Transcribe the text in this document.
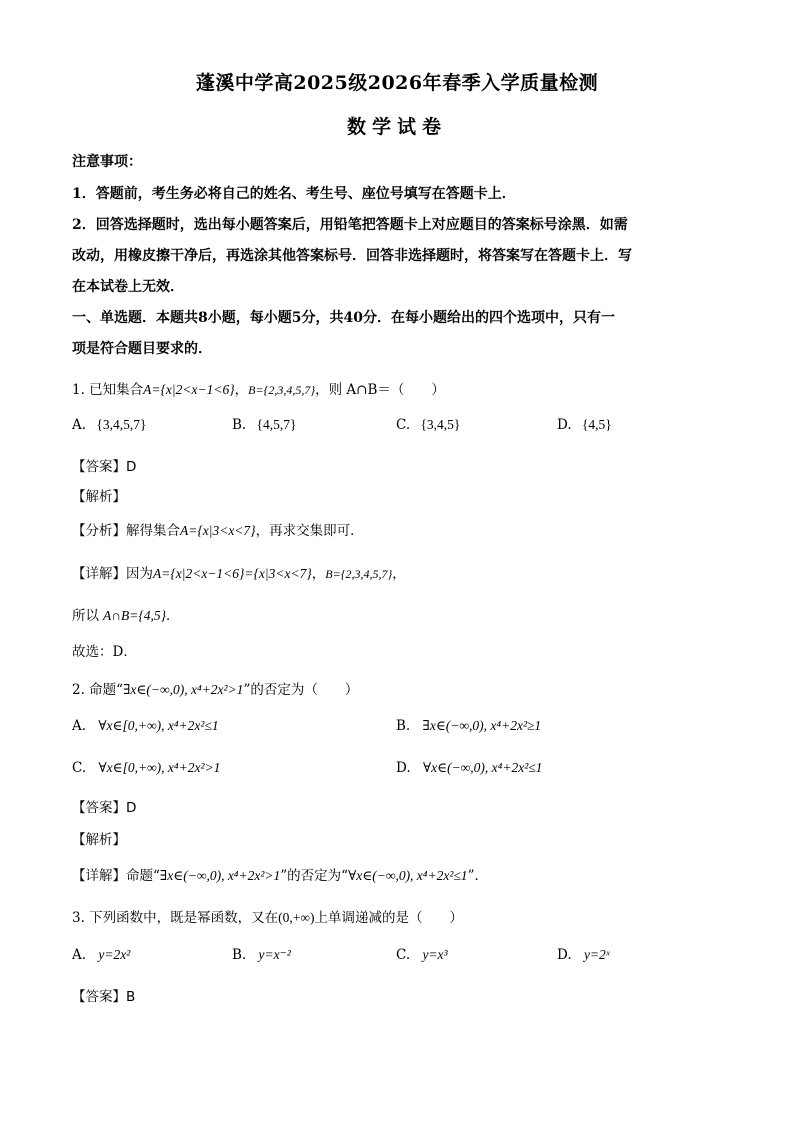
蓬溪中学高2025级2026年春季入学质量检测
数学试卷
注意事项：
1．答题前，考生务必将自己的姓名、考生号、座位号填写在答题卡上．
2．回答选择题时，选出每小题答案后，用铅笔把答题卡上对应题目的答案标号涂黑．如需
改动，用橡皮擦干净后，再选涂其他答案标号．回答非选择题时，将答案写在答题卡上．写
在本试卷上无效．
一、单选题．本题共8小题，每小题5分，共40分．在每小题给出的四个选项中，只有一
项是符合题目要求的．
1. 已知集合A={x|2<x−1<6}，B={2,3,4,5,7}，则 A∩B＝（　　）
A. {3,4,5,7}	B. {4,5,7}	C. {3,4,5}	D. {4,5}
【答案】D
【解析】
【分析】解得集合A={x|3<x<7}，再求交集即可．
【详解】因为A={x|2<x−1<6}={x|3<x<7}，B={2,3,4,5,7}，
所以 A∩B={4,5}．
故选：D．
2. 命题“∃x∈(−∞,0), x⁴+2x²>1”的否定为（　　）
A. ∀x∈[0,+∞), x⁴+2x²≤1	B. ∃x∈(−∞,0), x⁴+2x²≥1
C. ∀x∈[0,+∞), x⁴+2x²>1	D. ∀x∈(−∞,0), x⁴+2x²≤1
【答案】D
【解析】
【详解】命题“∃x∈(−∞,0), x⁴+2x²>1”的否定为“∀x∈(−∞,0), x⁴+2x²≤1”．
3. 下列函数中，既是幂函数，又在(0,+∞)上单调递减的是（　　）
A. y=2x²	B. y=x⁻²	C. y=x³	D. y=2ˣ
【答案】B
